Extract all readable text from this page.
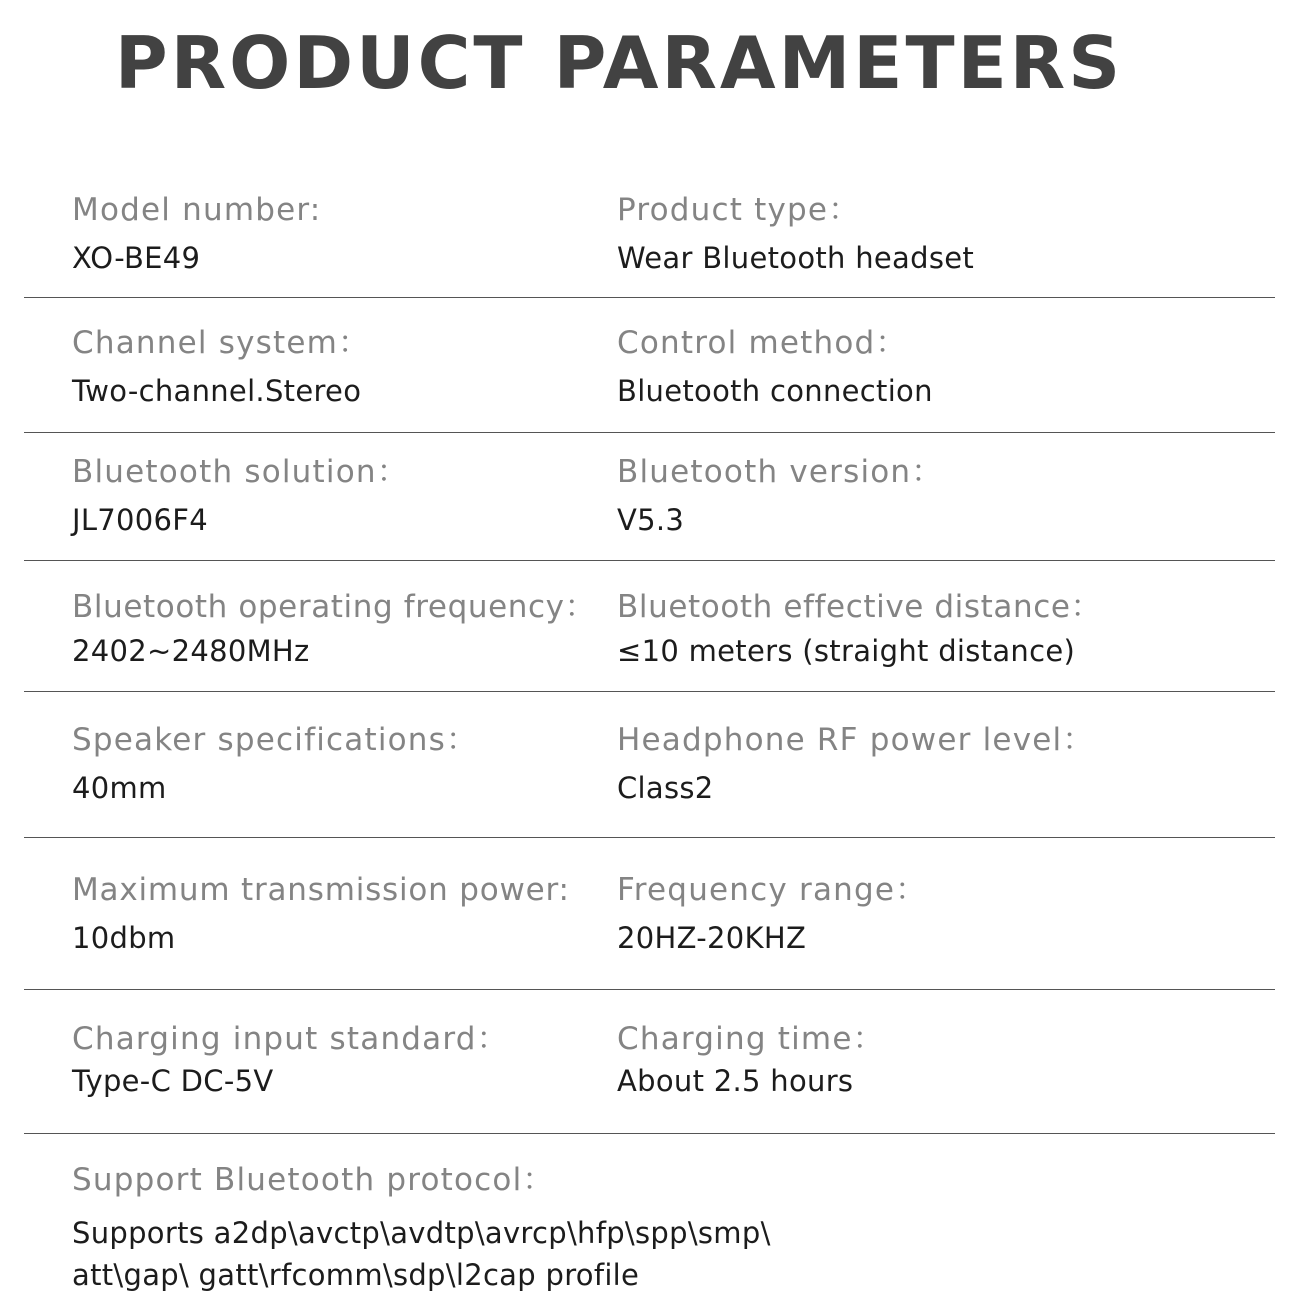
PRODUCT PARAMETERS
Model number:
XO-BE49
Product type：
Wear Bluetooth headset
Channel system：
Two-channel.Stereo
Control method：
Bluetooth connection
Bluetooth solution：
JL7006F4
Bluetooth version：
V5.3
Bluetooth operating frequency：
2402~2480MHz
Bluetooth effective distance：
≤10 meters (straight distance)
Speaker specifications：
40mm
Headphone RF power level：
Class2
Maximum transmission power:
10dbm
Frequency range：
20HZ-20KHZ
Charging input standard：
Type-C DC-5V
Charging time：
About 2.5 hours
Support Bluetooth protocol：
Supports a2dp\avctp\avdtp\avrcp\hfp\spp\smp\
att\gap\ gatt\rfcomm\sdp\l2cap profile
